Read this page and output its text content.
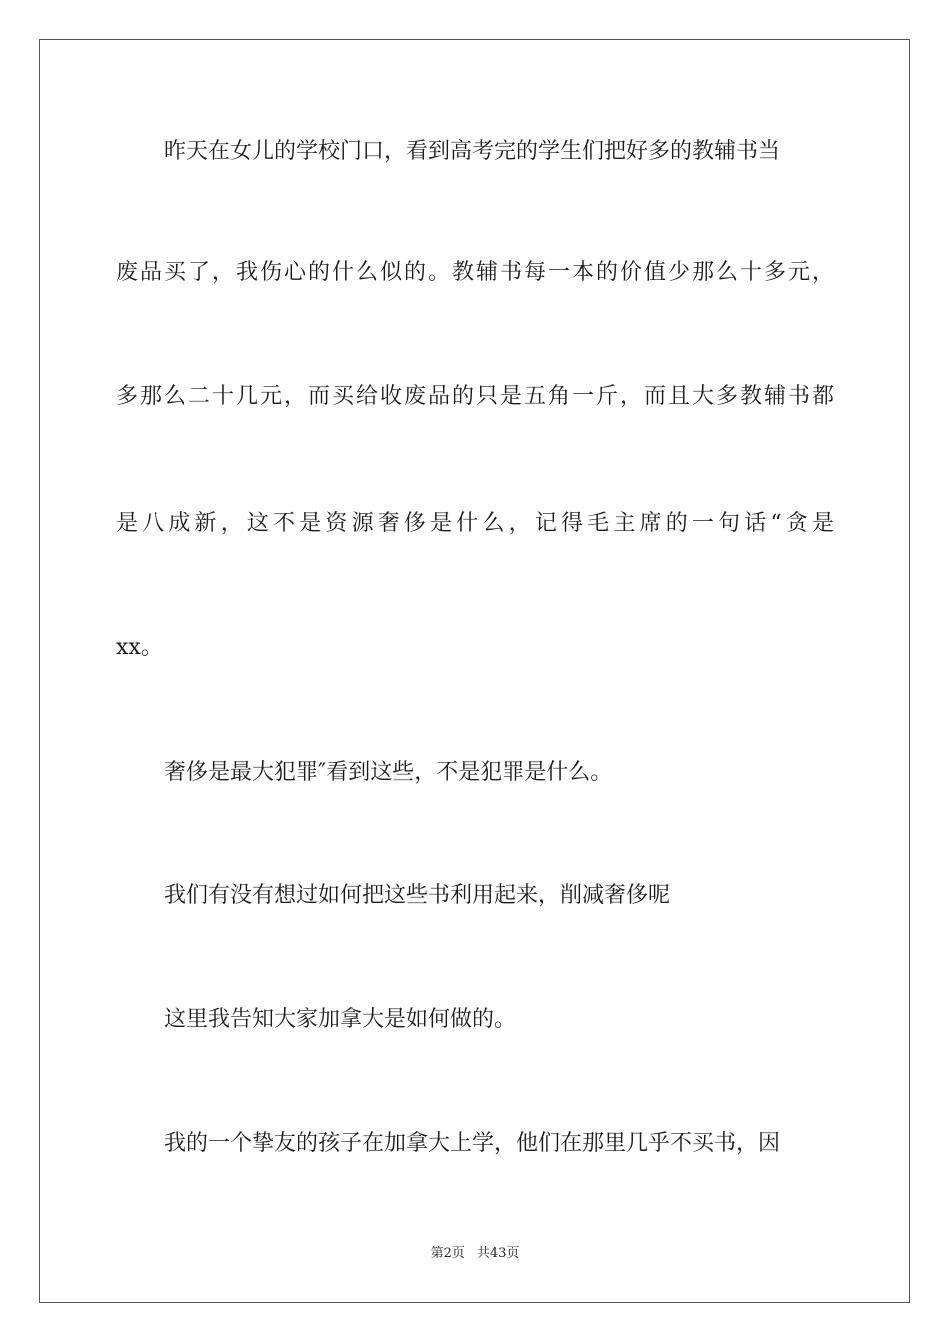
昨天在女儿的学校门口，看到高考完的学生们把好多的教辅书当
废品买了，我伤心的什么似的。教辅书每一本的价值少那么十多元，
多那么二十几元，而买给收废品的只是五角一斤，而且大多教辅书都
是八成新，这不是资源奢侈是什么，记得毛主席的一句话“贪是
xx。
奢侈是最大犯罪″看到这些，不是犯罪是什么。
我们有没有想过如何把这些书利用起来，削减奢侈呢
这里我告知大家加拿大是如何做的。
我的一个挚友的孩子在加拿大上学，他们在那里几乎不买书，因
第2页 共43页
